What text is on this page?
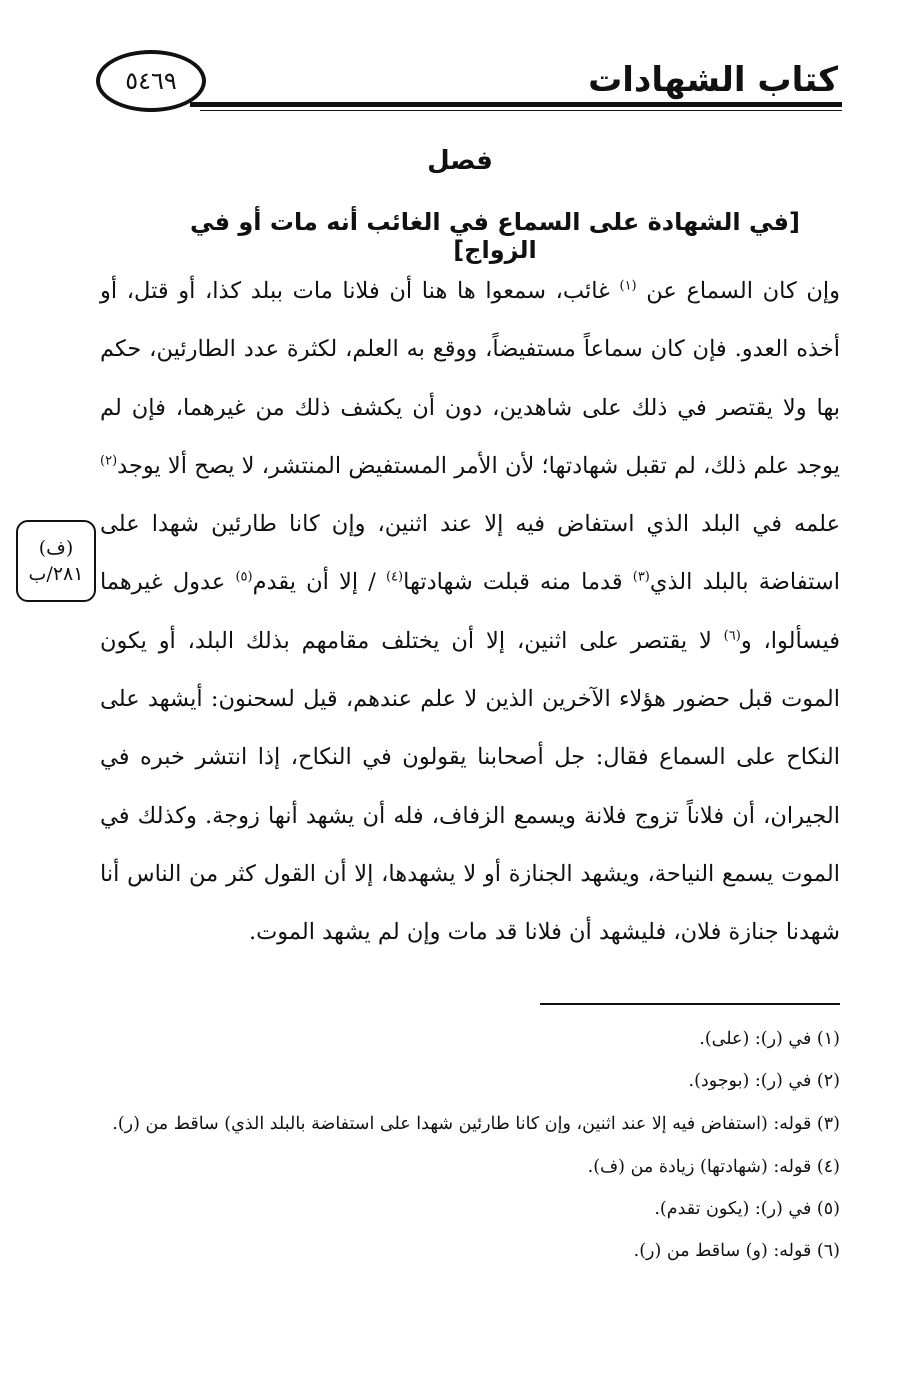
كتاب الشهادات
٥٤٦٩
فصل
[في الشهادة على السماع في الغائب أنه مات أو في الزواج]
وإن كان السماع عن $^{(١)}$ غائب، سمعوا ها هنا أن فلانا مات ببلد كذا، أو قتل، أو أخذه العدو. فإن كان سماعاً مستفيضاً، ووقع به العلم، لكثرة عدد الطارئين، حكم بها ولا يقتصر في ذلك على شاهدين، دون أن يكشف ذلك من غيرهما، فإن لم يوجد علم ذلك، لم تقبل شهادتها؛ لأن الأمر المستفيض المنتشر، لا يصح ألا يوجد$^{(٢)}$ علمه في البلد الذي استفاض فيه إلا عند اثنين، وإن كانا طارئين شهدا على استفاضة بالبلد الذي$^{(٣)}$ قدما منه قبلت شهادتها$^{(٤)}$ / إلا أن يقدم$^{(٥)}$ عدول غيرهما فيسألوا، و$^{(٦)}$ لا يقتصر على اثنين، إلا أن يختلف مقامهم بذلك البلد، أو يكون الموت قبل حضور هؤلاء الآخرين الذين لا علم عندهم، قيل لسحنون: أيشهد على النكاح على السماع فقال: جل أصحابنا يقولون في النكاح، إذا انتشر خبره في الجيران، أن فلاناً تزوج فلانة ويسمع الزفاف، فله أن يشهد أنها زوجة. وكذلك في الموت يسمع النياحة، ويشهد الجنازة أو لا يشهدها، إلا أن القول كثر من الناس أنا شهدنا جنازة فلان، فليشهد أن فلانا قد مات وإن لم يشهد الموت.
(ف)
٢٨١/ب
(١) في (ر): (على).
(٢) في (ر): (بوجود).
(٣) قوله: (استفاض فيه إلا عند اثنين، وإن كانا طارئين شهدا على استفاضة بالبلد الذي) ساقط من (ر).
(٤) قوله: (شهادتها) زيادة من (ف).
(٥) في (ر): (يكون تقدم).
(٦) قوله: (و) ساقط من (ر).
